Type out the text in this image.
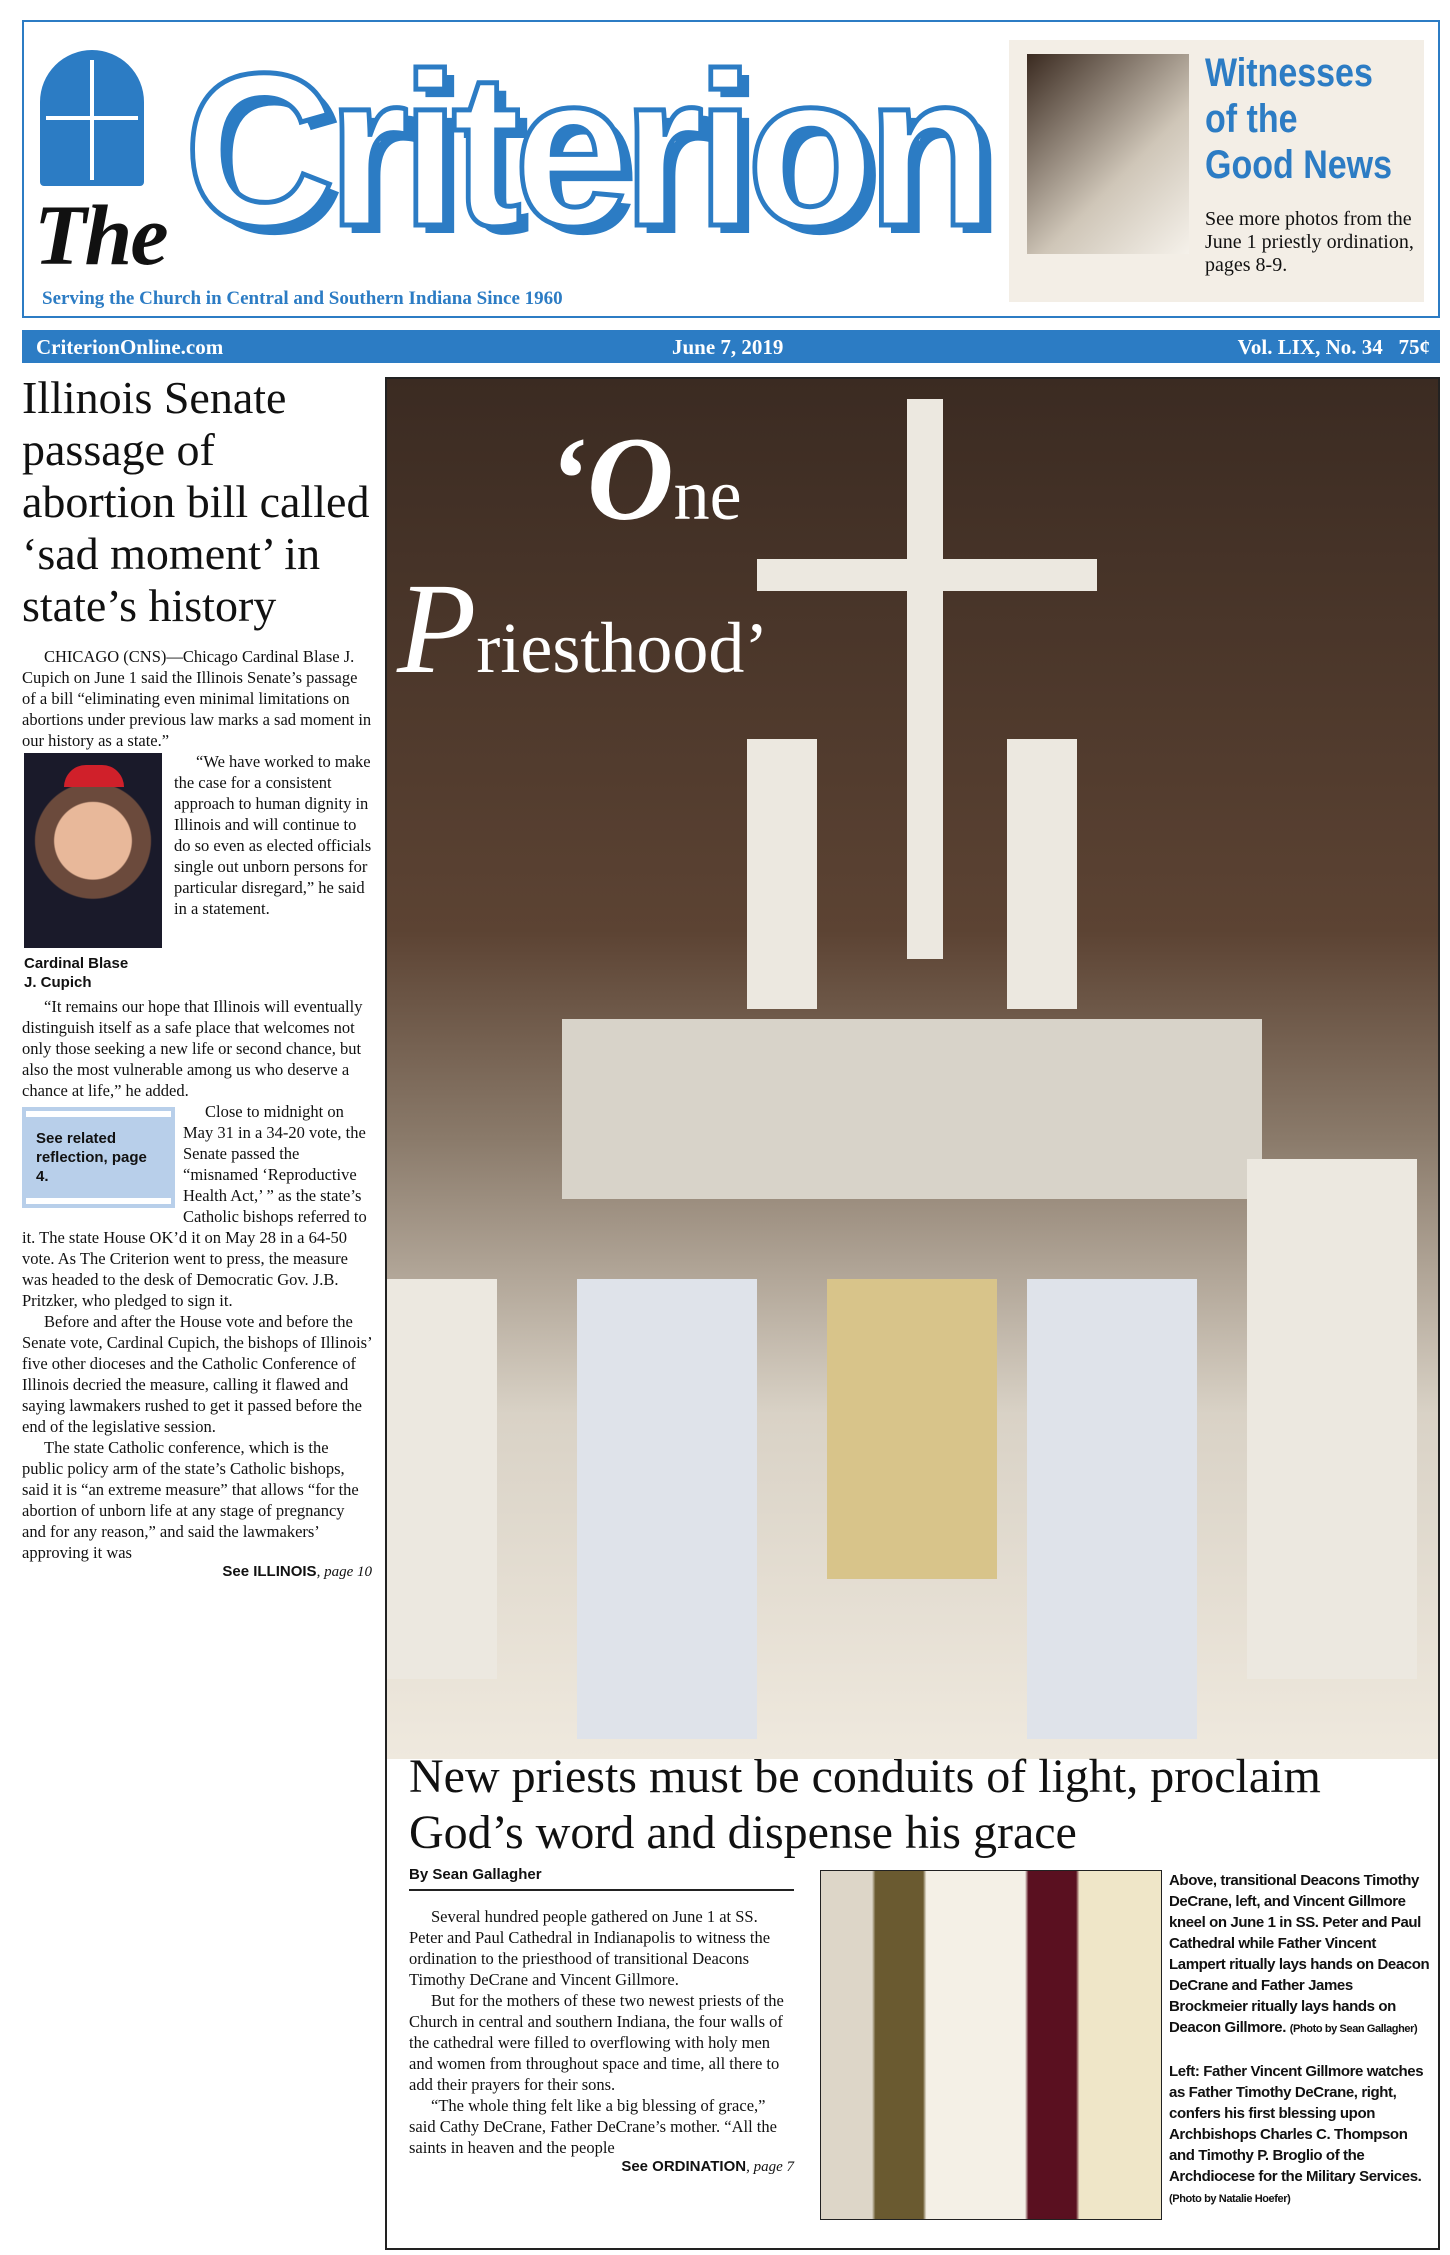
Criterion
The
Serving the Church in Central and Southern Indiana Since 1960
Witnesses
of the
Good News
See more photos from the June 1 priestly ordination, pages 8-9.
CriterionOnline.com	June 7, 2019	Vol. LIX, No. 34   75¢
Illinois Senate passage of abortion bill called ‘sad moment’ in state’s history

CHICAGO (CNS)—Chicago Cardinal Blase J. Cupich on June 1 said the Illinois Senate’s passage of a bill “eliminating even minimal limitations on abortions under previous law marks a sad moment in our history as a state.”

Cardinal Blase J. Cupich

“We have worked to make the case for a consistent approach to human dignity in Illinois and will continue to do so even as elected officials single out unborn persons for particular disregard,” he said in a statement.

“It remains our hope that Illinois will eventually distinguish itself as a safe place that welcomes not only those seeking a new life or second chance, but also the most vulnerable among us who deserve a chance at life,” he added.

See related reflection, page 4.

Close to midnight on May 31 in a 34-20 vote, the Senate passed the “misnamed ‘Reproductive Health Act,’ ” as the state’s Catholic bishops referred to it. The state House OK’d it on May 28 in a 64-50 vote. As The Criterion went to press, the measure was headed to the desk of Democratic Gov. J.B. Pritzker, who pledged to sign it.

Before and after the House vote and before the Senate vote, Cardinal Cupich, the bishops of Illinois’ five other dioceses and the Catholic Conference of Illinois decried the measure, calling it flawed and saying lawmakers rushed to get it passed before the end of the legislative session.

The state Catholic conference, which is the public policy arm of the state’s Catholic bishops, said it is “an extreme measure” that allows “for the abortion of unborn life at any stage of pregnancy and for any reason,” and said the lawmakers’ approving it was

See ILLINOIS, page 10
‘One
Priesthood’
New priests must be conduits of light, proclaim God’s word and dispense his grace
By Sean Gallagher

Several hundred people gathered on June 1 at SS. Peter and Paul Cathedral in Indianapolis to witness the ordination to the priesthood of transitional Deacons Timothy DeCrane and Vincent Gillmore.

But for the mothers of these two newest priests of the Church in central and southern Indiana, the four walls of the cathedral were filled to overflowing with holy men and women from throughout space and time, all there to add their prayers for their sons.

“The whole thing felt like a big blessing of grace,” said Cathy DeCrane, Father DeCrane’s mother. “All the saints in heaven and the people

See ORDINATION, page 7

Above, transitional Deacons Timothy DeCrane, left, and Vincent Gillmore kneel on June 1 in SS. Peter and Paul Cathedral while Father Vincent Lampert ritually lays hands on Deacon DeCrane and Father James Brockmeier ritually lays hands on Deacon Gillmore. (Photo by Sean Gallagher)

Left: Father Vincent Gillmore watches as Father Timothy DeCrane, right, confers his first blessing upon Archbishops Charles C. Thompson and Timothy P. Broglio of the Archdiocese for the Military Services. (Photo by Natalie Hoefer)
